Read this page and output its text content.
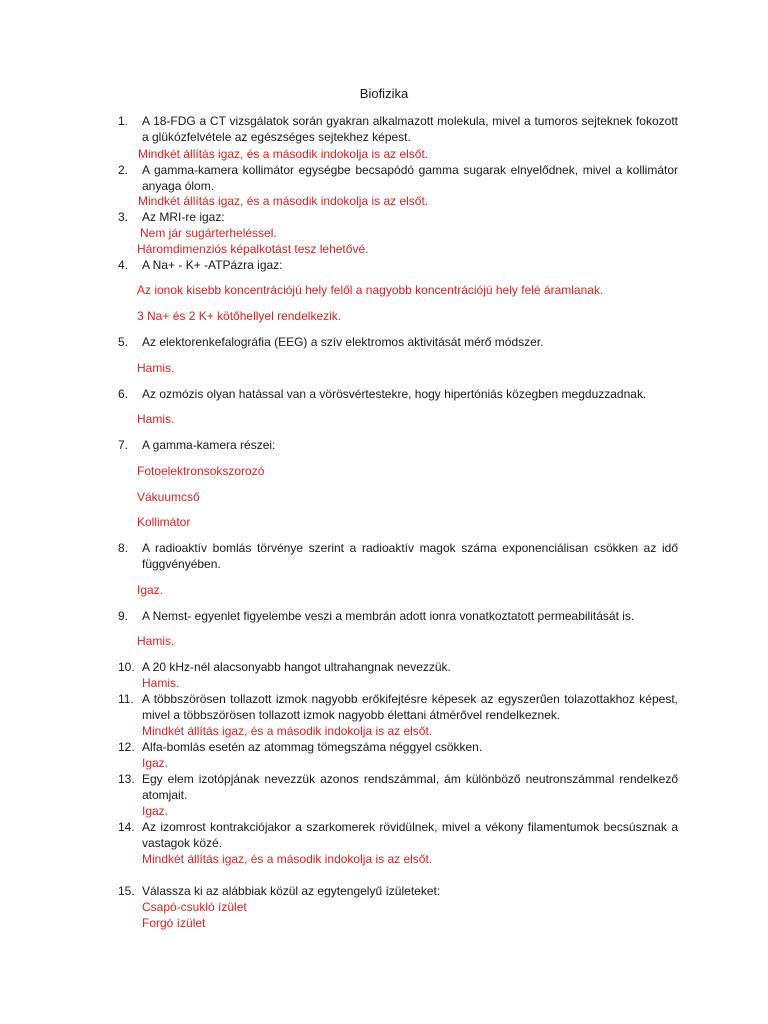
Biofizika
1.	A 18-FDG a CT vizsgálatok során gyakran alkalmazott molekula, mivel a tumoros sejteknek fokozott a glükózfelvétele az egészséges sejtekhez képest.
Mindkét állítás igaz, és a második indokolja is az elsőt.
2.	A gamma-kamera kollimátor egységbe becsapódó gamma sugarak elnyelődnek, mivel a kollimátor anyaga ólom.
Mindkét állítás igaz, és a második indokolja is az elsőt.
3.	Az MRI-re igaz:
Nem jár sugárterheléssel.
Háromdimenziós képalkotást tesz lehetővé.
4.	A Na+ - K+ -ATPázra igaz:
Az ionok kisebb koncentrációjú hely felől a nagyobb koncentrációjú hely felé áramlanak.
3 Na+ és 2 K+ kötőhellyel rendelkezik.
5.	Az elektorenkefalográfia (EEG) a szív elektromos aktivitását mérő módszer.
Hamis.
6.	Az ozmózis olyan hatással van a vörösvértestekre, hogy hipertóniás közegben megduzzadnak.
Hamis.
7.	A gamma-kamera részei:
Fotoelektronsokszorozó
Vákuumcső
Kollimátor
8.	A radioaktív bomlás törvénye szerint a radioaktív magok száma exponenciálisan csökken az idő függvényében.
Igaz.
9.	A Nemst- egyenlet figyelembe veszi a membrán adott ionra vonatkoztatott permeabilitását is.
Hamis.
10. A 20 kHz-nél alacsonyabb hangot ultrahangnak nevezzük.
Hamis.
11. A többszörösen tollazott izmok nagyobb erőkifejtésre képesek az egyszerűen tolazottakhoz képest, mivel a többszörösen tollazott izmok nagyobb élettani átmérővel rendelkeznek.
Mindkét állítás igaz, és a második indokolja is az elsőt.
12. Alfa-bomlás esetén az atommag tömegszáma néggyel csökken.
Igaz.
13. Egy elem izotópjának nevezzük azonos rendszámmal, ám különböző neutronszámmal rendelkező atomjait.
Igaz.
14. Az izomrost kontrakciójakor a szarkomerek rövidülnek, mivel a vékony filamentumok becsúsznak a vastagok közé.
Mindkét állítás igaz, és a második indokolja is az elsőt.
15. Válassza ki az alábbiak közül az egytengelyű ízületeket:
Csapó-csukló ízület
Forgó ízület
